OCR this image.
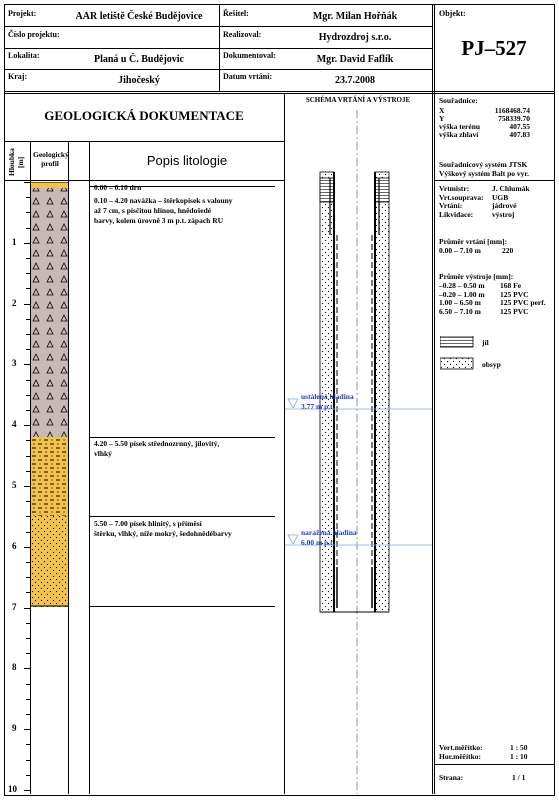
Projekt:	AAR letiště České Budějovice
Číslo projektu:
Lokalita:	Planá u Č. Budějovic
Kraj:	Jihočeský
Řešitel:	Mgr. Milan Hořňák
Realizoval:	Hydrozdroj s.r.o.
Dokumentoval:	Mgr. David Faflík
Datum vrtání:	23.7.2008
Objekt:
PJ–527
GEOLOGICKÁ DOKUMENTACE
SCHÉMA VRTÁNÍ A VÝSTROJE
Hloubka [m]
Geologický profil	Popis litologie
1
2
3
4
5
6
7
8
9
10
0.00 – 0.10 drn
0.10 – 4.20 navážka – štěrkopísek s valouny
až 7 cm, s písčitou hlínou, hnědošedé
barvy, kolem úrovně 3 m p.t. zápach RU
4.20 – 5.50 písek střednozrnný, jílovitý,
vlhký
5.50 – 7.00 písek hlinitý, s příměsí
štěrku, vlhký, níže mokrý, šedohnědébarvy
ustálená hladina
3.77 m p.t.
naražená hladina
6.00 m p.t.
Souřadnice:
X	1168468.74
Y	758339.70
výška terénu	407.55
výška zhlaví	407.83
Souřadnicový systém JTSK
Výškový systém Balt po vyr.
Vrtmistr:	J. Chlumák
Vrt.souprava: UGB
Vrtání:	jádrové
Likvidace:	výstroj
0.00 – 7.10 m	220
–0.28 – 0.50 m 168 Fe
–0.20 – 1.00 m 125 PVC
1.00 – 6.50 m	125 PVC perf.
6.50 – 7.10 m	125 PVC
Průměr vrtání [mm]:
Průměr výstroje [mm]:
jíl
obsyp
Vert.měřítko:	1 : 50
Hor.měřítko:	1 : 10
Strana:	1 / 1
